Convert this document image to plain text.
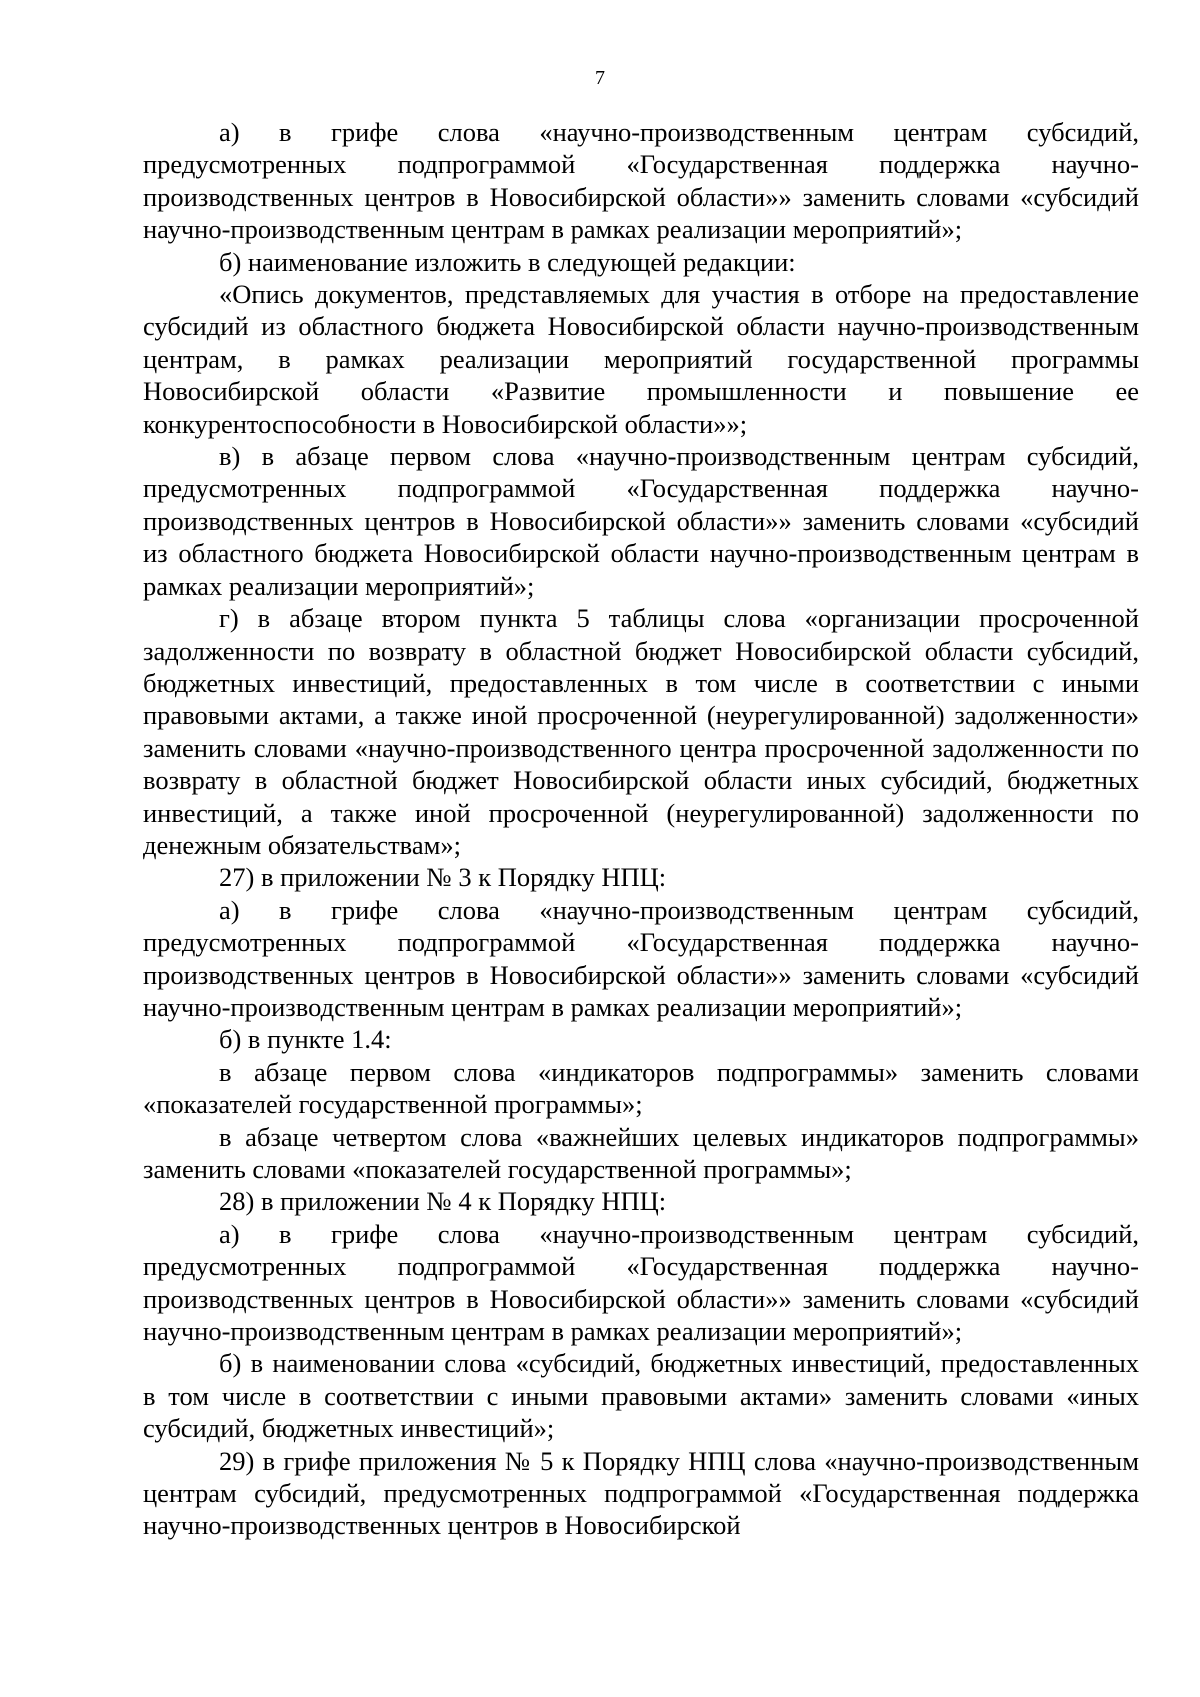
7

а) в грифе слова «научно-производственным центрам субсидий, предусмотренных подпрограммой «Государственная поддержка научно-производственных центров в Новосибирской области»» заменить словами «субсидий научно-производственным центрам в рамках реализации мероприятий»;

б) наименование изложить в следующей редакции:

«Опись документов, представляемых для участия в отборе на предоставление субсидий из областного бюджета Новосибирской области научно-производственным центрам, в рамках реализации мероприятий государственной программы Новосибирской области «Развитие промышленности и повышение ее конкурентоспособности в Новосибирской области»»;

в) в абзаце первом слова «научно-производственным центрам субсидий, предусмотренных подпрограммой «Государственная поддержка научно-производственных центров в Новосибирской области»» заменить словами «субсидий из областного бюджета Новосибирской области научно-производственным центрам в рамках реализации мероприятий»;

г) в абзаце втором пункта 5 таблицы слова «организации просроченной задолженности по возврату в областной бюджет Новосибирской области субсидий, бюджетных инвестиций, предоставленных в том числе в соответствии с иными правовыми актами, а также иной просроченной (неурегулированной) задолженности» заменить словами «научно-производственного центра просроченной задолженности по возврату в областной бюджет Новосибирской области иных субсидий, бюджетных инвестиций, а также иной просроченной (неурегулированной) задолженности по денежным обязательствам»;

27) в приложении № 3 к Порядку НПЦ:

а) в грифе слова «научно-производственным центрам субсидий, предусмотренных подпрограммой «Государственная поддержка научно-производственных центров в Новосибирской области»» заменить словами «субсидий научно-производственным центрам в рамках реализации мероприятий»;

б) в пункте 1.4:

в абзаце первом слова «индикаторов подпрограммы» заменить словами «показателей государственной программы»;

в абзаце четвертом слова «важнейших целевых индикаторов подпрограммы» заменить словами «показателей государственной программы»;

28) в приложении № 4 к Порядку НПЦ:

а) в грифе слова «научно-производственным центрам субсидий, предусмотренных подпрограммой «Государственная поддержка научно-производственных центров в Новосибирской области»» заменить словами «субсидий научно-производственным центрам в рамках реализации мероприятий»;

б) в наименовании слова «субсидий, бюджетных инвестиций, предоставленных в том числе в соответствии с иными правовыми актами» заменить словами «иных субсидий, бюджетных инвестиций»;

29) в грифе приложения № 5 к Порядку НПЦ слова «научно-производственным центрам субсидий, предусмотренных подпрограммой «Государственная поддержка научно-производственных центров в Новосибирской
